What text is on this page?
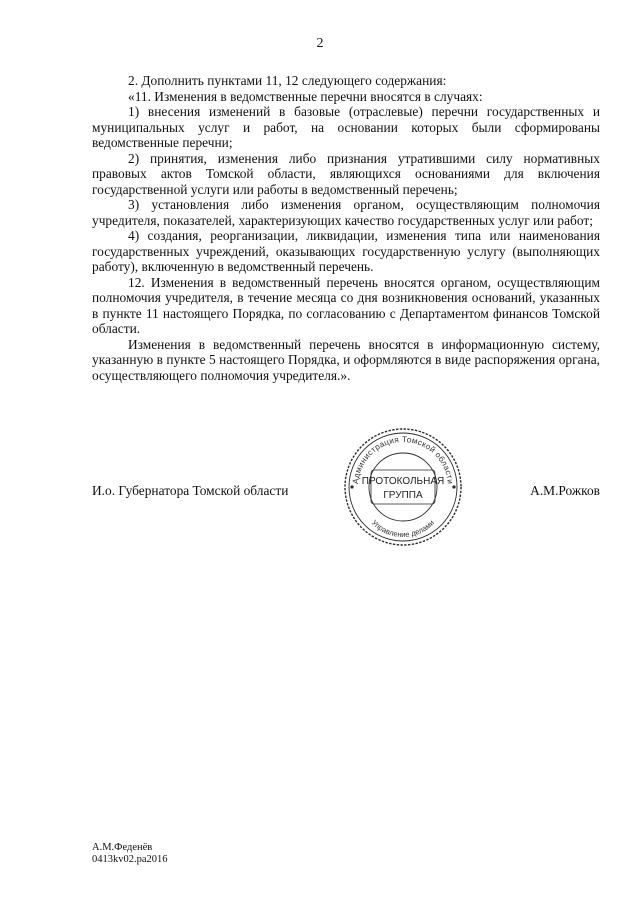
2

2. Дополнить пунктами 11, 12 следующего содержания:

«11. Изменения в ведомственные перечни вносятся в случаях:

1) внесения изменений в базовые (отраслевые) перечни государственных и муниципальных услуг и работ, на основании которых были сформированы ведомственные перечни;

2) принятия, изменения либо признания утратившими силу нормативных правовых актов Томской области, являющихся основаниями для включения государственной услуги или работы в ведомственный перечень;

3) установления либо изменения органом, осуществляющим полномочия учредителя, показателей, характеризующих качество государственных услуг или работ;

4) создания, реорганизации, ликвидации, изменения типа или наименования государственных учреждений, оказывающих государственную услугу (выполняющих работу), включенную в ведомственный перечень.

12. Изменения в ведомственный перечень вносятся органом, осуществляющим полномочия учредителя, в течение месяца со дня возникновения оснований, указанных в пункте 11 настоящего Порядка, по согласованию с Департаментом финансов Томской области.

Изменения в ведомственный перечень вносятся в информационную систему, указанную в пункте 5 настоящего Порядка, и оформляются в виде распоряжения органа, осуществляющего полномочия учредителя.».

И.о. Губернатора Томской области	А.М.Рожков
Администрация Томской области
Управление делами
ПРОТОКОЛЬНАЯ
ГРУППА
А.М.Феденёв
0413kv02.ра2016
